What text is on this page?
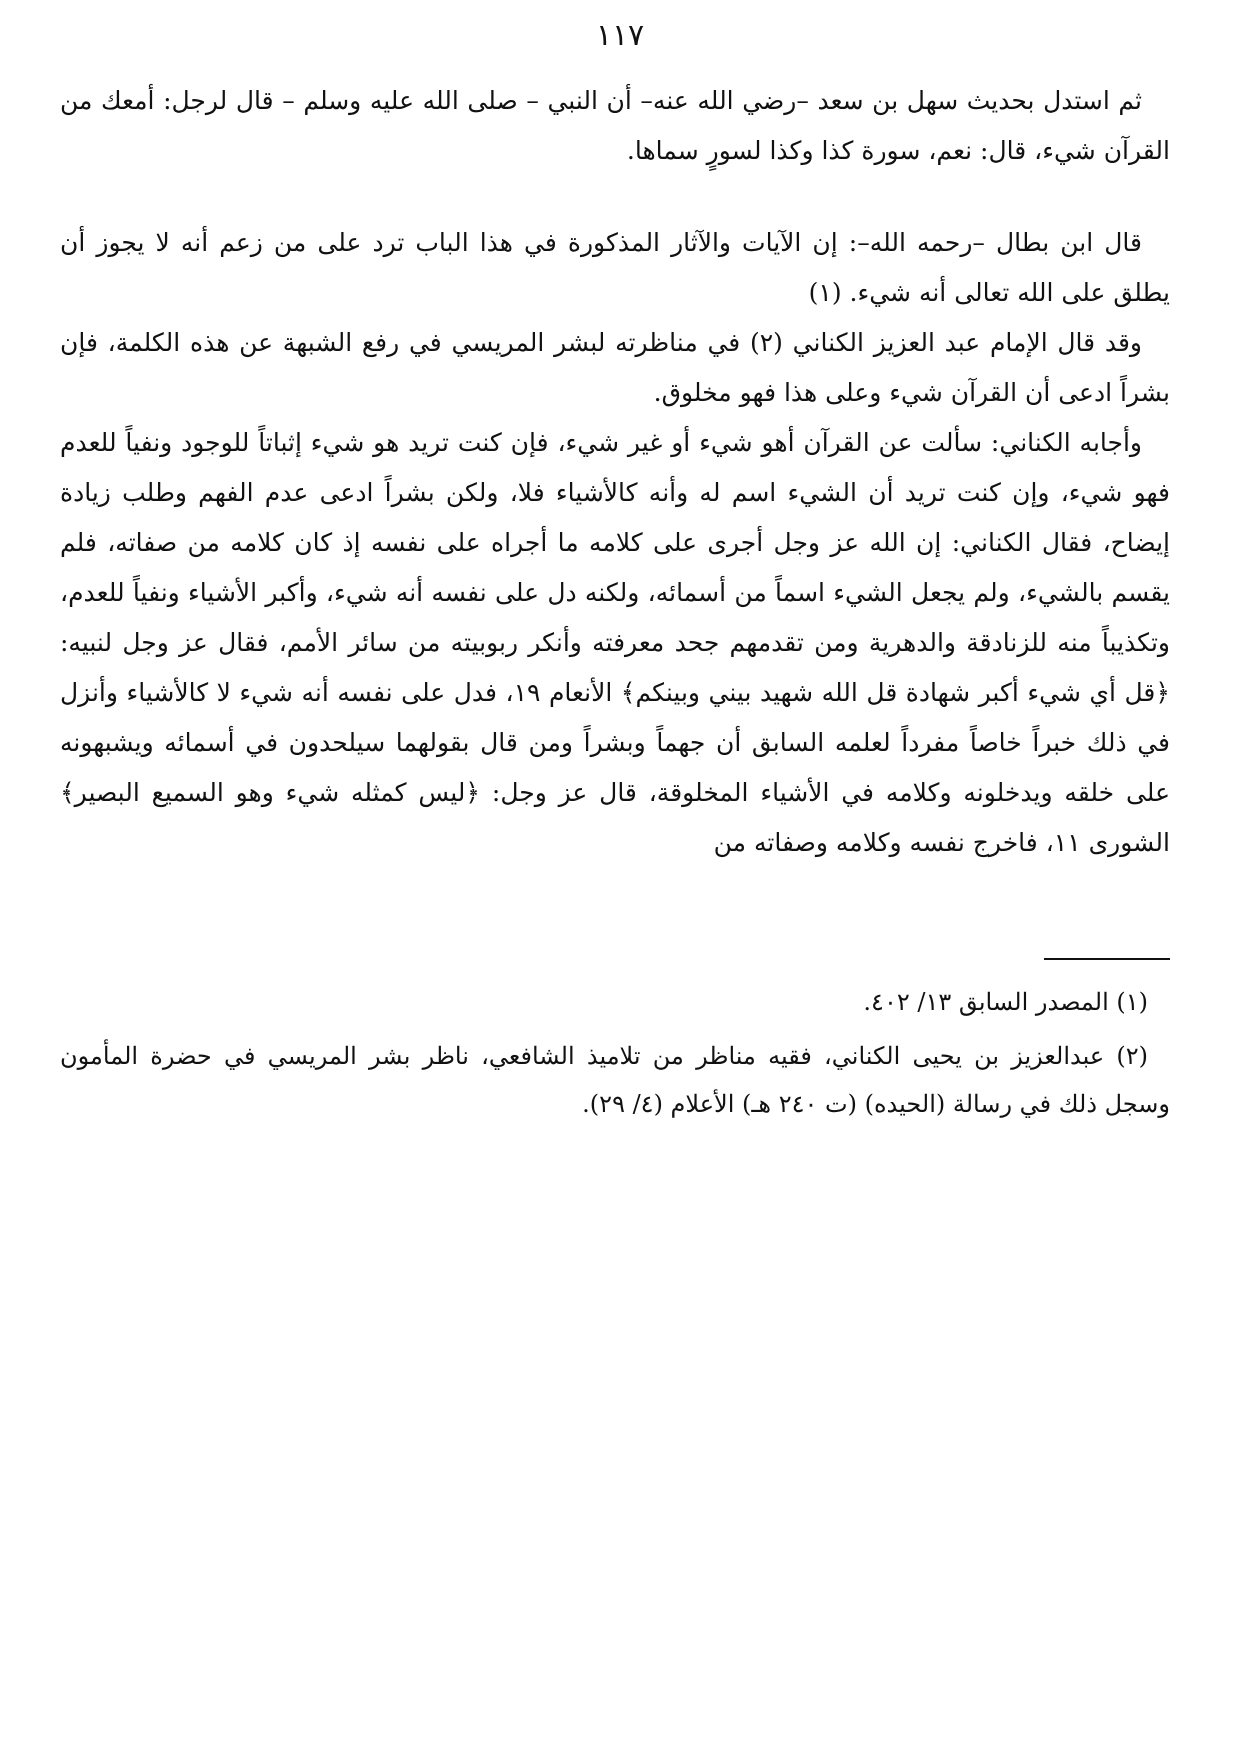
١١٧

ثم استدل بحديث سهل بن سعد –رضي الله عنه– أن النبي – صلى الله عليه وسلم – قال لرجل: أمعك من القرآن شيء، قال: نعم، سورة كذا وكذا لسورٍ سماها.

قال ابن بطال –رحمه الله–: إن الآيات والآثار المذكورة في هذا الباب ترد على من زعم أنه لا يجوز أن يطلق على الله تعالى أنه شيء. (١)

وقد قال الإمام عبد العزيز الكناني (٢) في مناظرته لبشر المريسي في رفع الشبهة عن هذه الكلمة، فإن بشراً ادعى أن القرآن شيء وعلى هذا فهو مخلوق.

وأجابه الكناني: سألت عن القرآن أهو شيء أو غير شيء، فإن كنت تريد هو شيء إثباتاً للوجود ونفياً للعدم فهو شيء، وإن كنت تريد أن الشيء اسم له وأنه كالأشياء فلا، ولكن بشراً ادعى عدم الفهم وطلب زيادة إيضاح، فقال الكناني: إن الله عز وجل أجرى على كلامه ما أجراه على نفسه إذ كان كلامه من صفاته، فلم يقسم بالشيء، ولم يجعل الشيء اسماً من أسمائه، ولكنه دل على نفسه أنه شيء، وأكبر الأشياء ونفياً للعدم، وتكذيباً منه للزنادقة والدهرية ومن تقدمهم جحد معرفته وأنكر ربوبيته من سائر الأمم، فقال عز وجل لنبيه: ﴿قل أي شيء أكبر شهادة قل الله شهيد بيني وبينكم﴾ الأنعام ١٩، فدل على نفسه أنه شيء لا كالأشياء وأنزل في ذلك خبراً خاصاً مفرداً لعلمه السابق أن جهماً وبشراً ومن قال بقولهما سيلحدون في أسمائه ويشبهونه على خلقه ويدخلونه وكلامه في الأشياء المخلوقة، قال عز وجل: ﴿ليس كمثله شيء وهو السميع البصير﴾ الشورى ١١، فاخرج نفسه وكلامه وصفاته من

(١) المصدر السابق ١٣/ ٤٠٢.

(٢) عبدالعزيز بن يحيى الكناني، فقيه مناظر من تلاميذ الشافعي، ناظر بشر المريسي في حضرة المأمون وسجل ذلك في رسالة (الحيده) (ت ٢٤٠ هـ) الأعلام (٤/ ٢٩).
